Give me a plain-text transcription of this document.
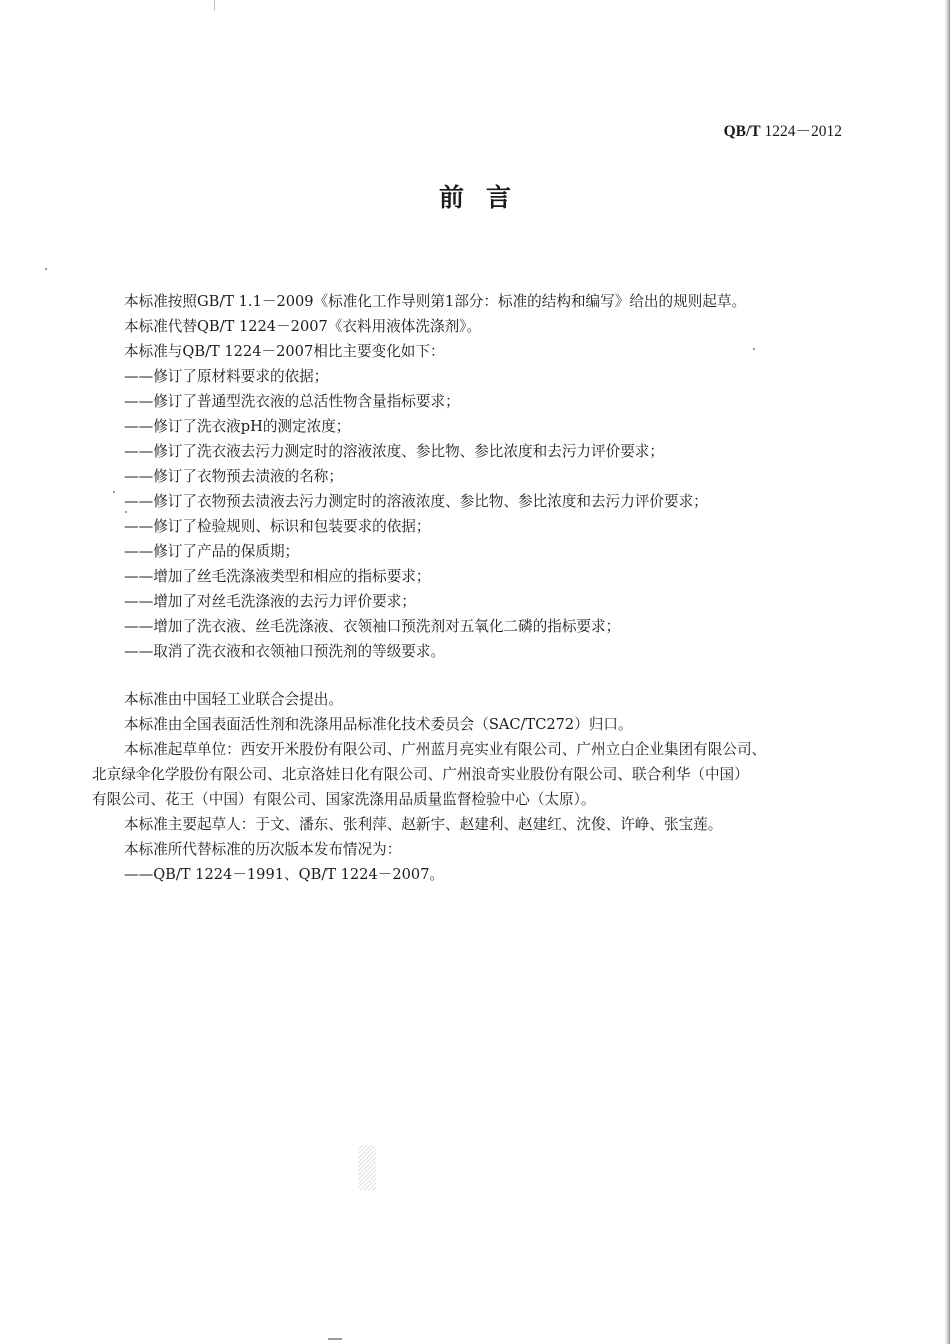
QB/T 1224－2012
前言
本标准按照GB/T 1.1－2009《标准化工作导则第1部分：标准的结构和编写》给出的规则起草。
本标准代替QB/T 1224－2007《衣料用液体洗涤剂》。
本标准与QB/T 1224－2007相比主要变化如下：
——修订了原材料要求的依据；
——修订了普通型洗衣液的总活性物含量指标要求；
——修订了洗衣液pH的测定浓度；
——修订了洗衣液去污力测定时的溶液浓度、参比物、参比浓度和去污力评价要求；
——修订了衣物预去渍液的名称；
——修订了衣物预去渍液去污力测定时的溶液浓度、参比物、参比浓度和去污力评价要求；
——修订了检验规则、标识和包装要求的依据；
——修订了产品的保质期；
——增加了丝毛洗涤液类型和相应的指标要求；
——增加了对丝毛洗涤液的去污力评价要求；
——增加了洗衣液、丝毛洗涤液、衣领袖口预洗剂对五氧化二磷的指标要求；
——取消了洗衣液和衣领袖口预洗剂的等级要求。
本标准由中国轻工业联合会提出。
本标准由全国表面活性剂和洗涤用品标准化技术委员会（SAC/TC272）归口。
本标准起草单位：西安开米股份有限公司、广州蓝月亮实业有限公司、广州立白企业集团有限公司、
北京绿伞化学股份有限公司、北京洛娃日化有限公司、广州浪奇实业股份有限公司、联合利华（中国）
有限公司、花王（中国）有限公司、国家洗涤用品质量监督检验中心（太原）。
本标准主要起草人：于文、潘东、张利萍、赵新宇、赵建利、赵建红、沈俊、许峥、张宝莲。
本标准所代替标准的历次版本发布情况为：
——QB/T 1224－1991、QB/T 1224－2007。
